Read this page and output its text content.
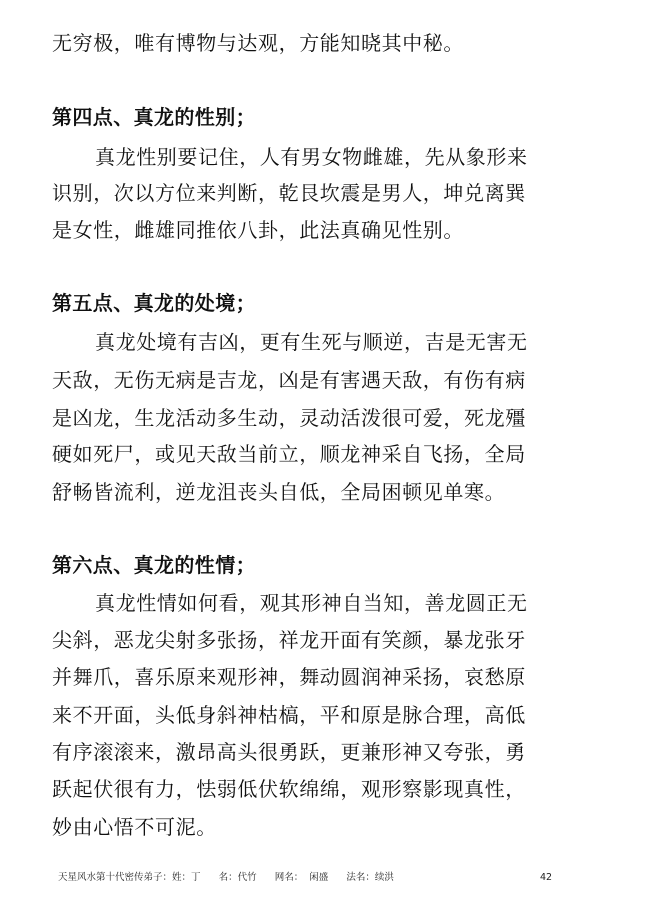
无穷极，唯有博物与达观，方能知晓其中秘。
第四点、真龙的性别；
真龙性别要记住，人有男女物雌雄，先从象形来
识别，次以方位来判断，乾艮坎震是男人，坤兑离巽
是女性，雌雄同推依八卦，此法真确见性别。
第五点、真龙的处境；
真龙处境有吉凶，更有生死与顺逆，吉是无害无
天敌，无伤无病是吉龙，凶是有害遇天敌，有伤有病
是凶龙，生龙活动多生动，灵动活泼很可爱，死龙殭
硬如死尸，或见天敌当前立，顺龙神采自飞扬，全局
舒畅皆流利，逆龙沮丧头自低，全局困顿见单寒。
第六点、真龙的性情；
真龙性情如何看，观其形神自当知，善龙圆正无
尖斜，恶龙尖射多张扬，祥龙开面有笑颜，暴龙张牙
并舞爪，喜乐原来观形神，舞动圆润神采扬，哀愁原
来不开面，头低身斜神枯槁，平和原是脉合理，高低
有序滚滚来，激昂高头很勇跃，更兼形神又夸张，勇
跃起伏很有力，怯弱低伏软绵绵，观形察影现真性，
妙由心悟不可泥。
天星风水第十代密传弟子：姓：丁      名：代竹      网名：  闲盛      法名：续洪	42
